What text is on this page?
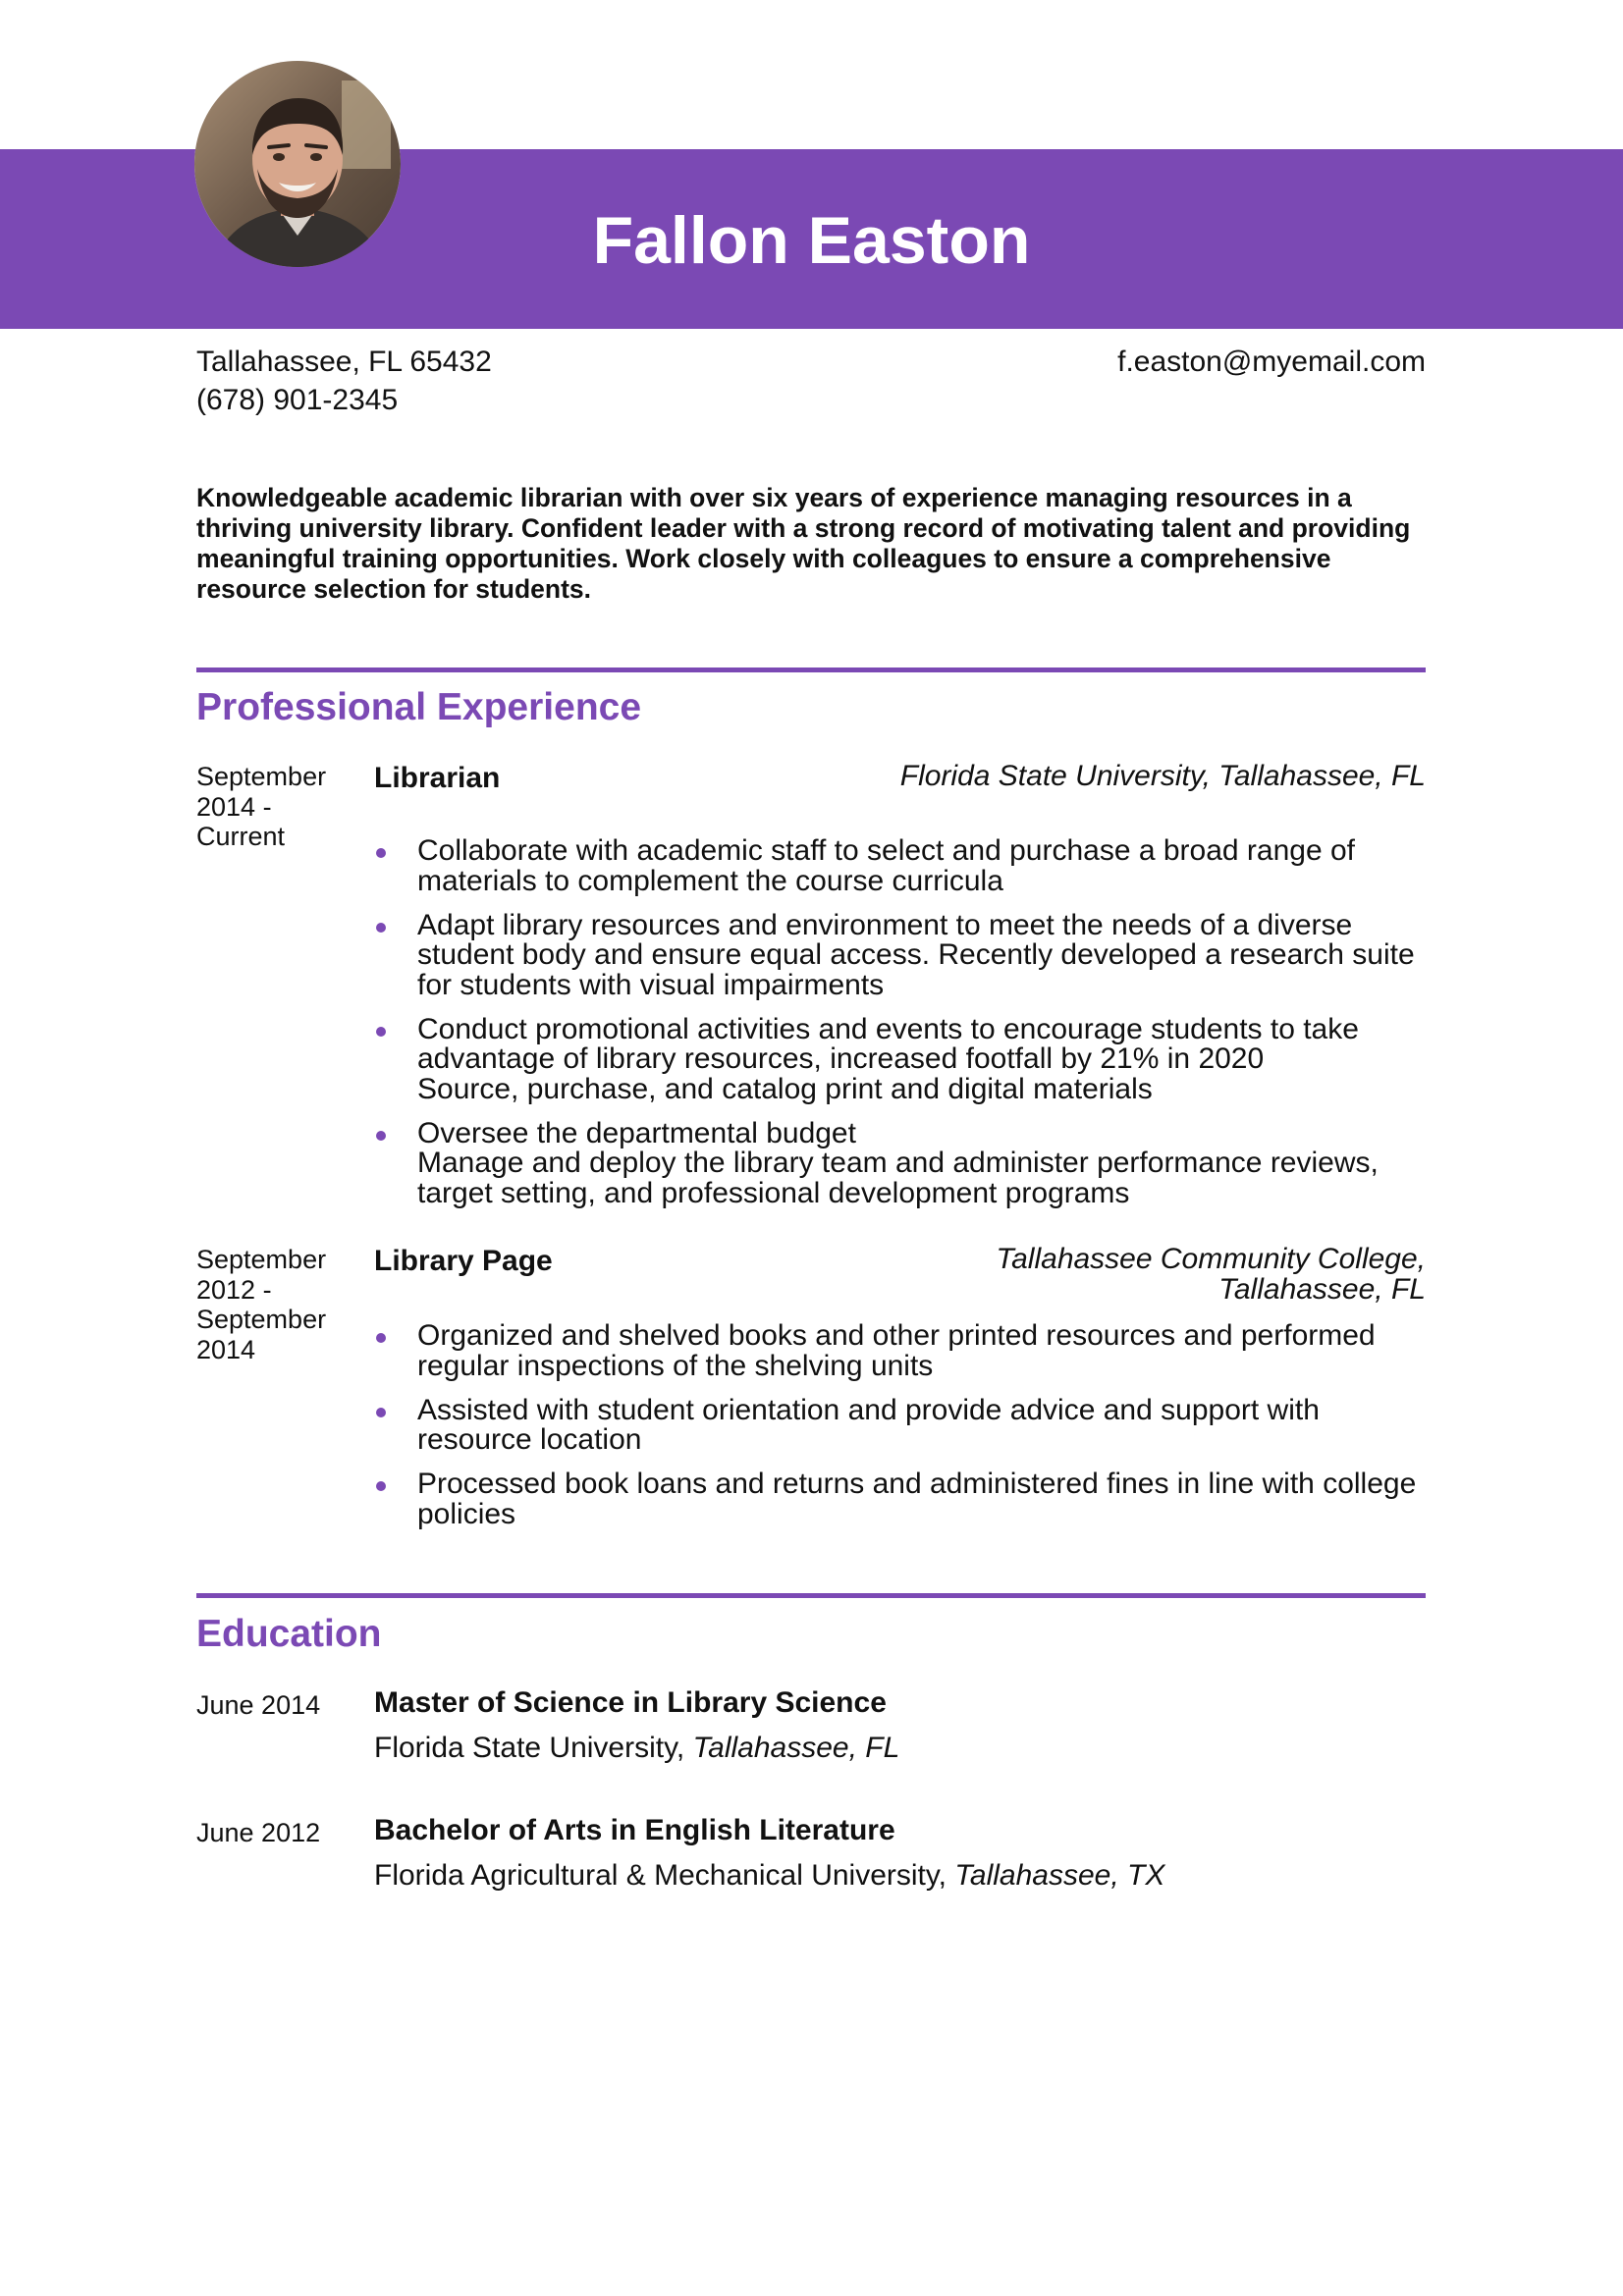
Fallon Easton
Tallahassee, FL 65432
(678) 901-2345
f.easton@myemail.com
Knowledgeable academic librarian with over six years of experience managing resources in a thriving university library. Confident leader with a strong record of motivating talent and providing meaningful training opportunities. Work closely with colleagues to ensure a comprehensive resource selection for students.
Professional Experience
September 2014 - Current
Librarian	Florida State University, Tallahassee, FL
Collaborate with academic staff to select and purchase a broad range of materials to complement the course curricula
Adapt library resources and environment to meet the needs of a diverse student body and ensure equal access. Recently developed a research suite for students with visual impairments
Conduct promotional activities and events to encourage students to take advantage of library resources, increased footfall by 21% in 2020
Source, purchase, and catalog print and digital materials
Oversee the departmental budget
Manage and deploy the library team and administer performance reviews, target setting, and professional development programs
September 2012 - September 2014
Library Page	Tallahassee Community College, Tallahassee, FL
Organized and shelved books and other printed resources and performed regular inspections of the shelving units
Assisted with student orientation and provide advice and support with resource location
Processed book loans and returns and administered fines in line with college policies
Education
June 2014 Master of Science in Library Science
Florida State University, Tallahassee, FL
June 2012 Bachelor of Arts in English Literature
Florida Agricultural & Mechanical University, Tallahassee, TX
